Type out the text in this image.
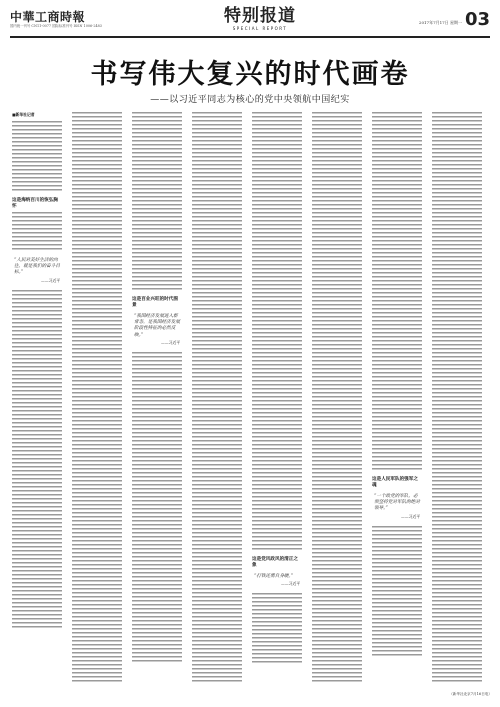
中華工商時報
国内统一刊号 CN11-0077 国际标准刊号 ISSN 1006-2483	特别报道
SPECIAL REPORT
2017年7月17日 星期一 03
书写伟大复兴的时代画卷
——以习近平同志为核心的党中央领航中国纪实
■新华社记者
这是海纳百川的恢弘胸怀
“人民对美好生活的向往，就是我们的奋斗目标。”
——习近平
这是百业兴旺的时代图景
“我国经济发展进入新常态，是我国经济发展阶段性特征的必然反映。”
——习近平
这是党风政风的清正之象
“打铁还需自身硬。”
——习近平
这是人民军队的强军之魂
“一个政党的军队，必须坚持党对军队的绝对领导。”
——习近平
（新华社北京7月16日电）
